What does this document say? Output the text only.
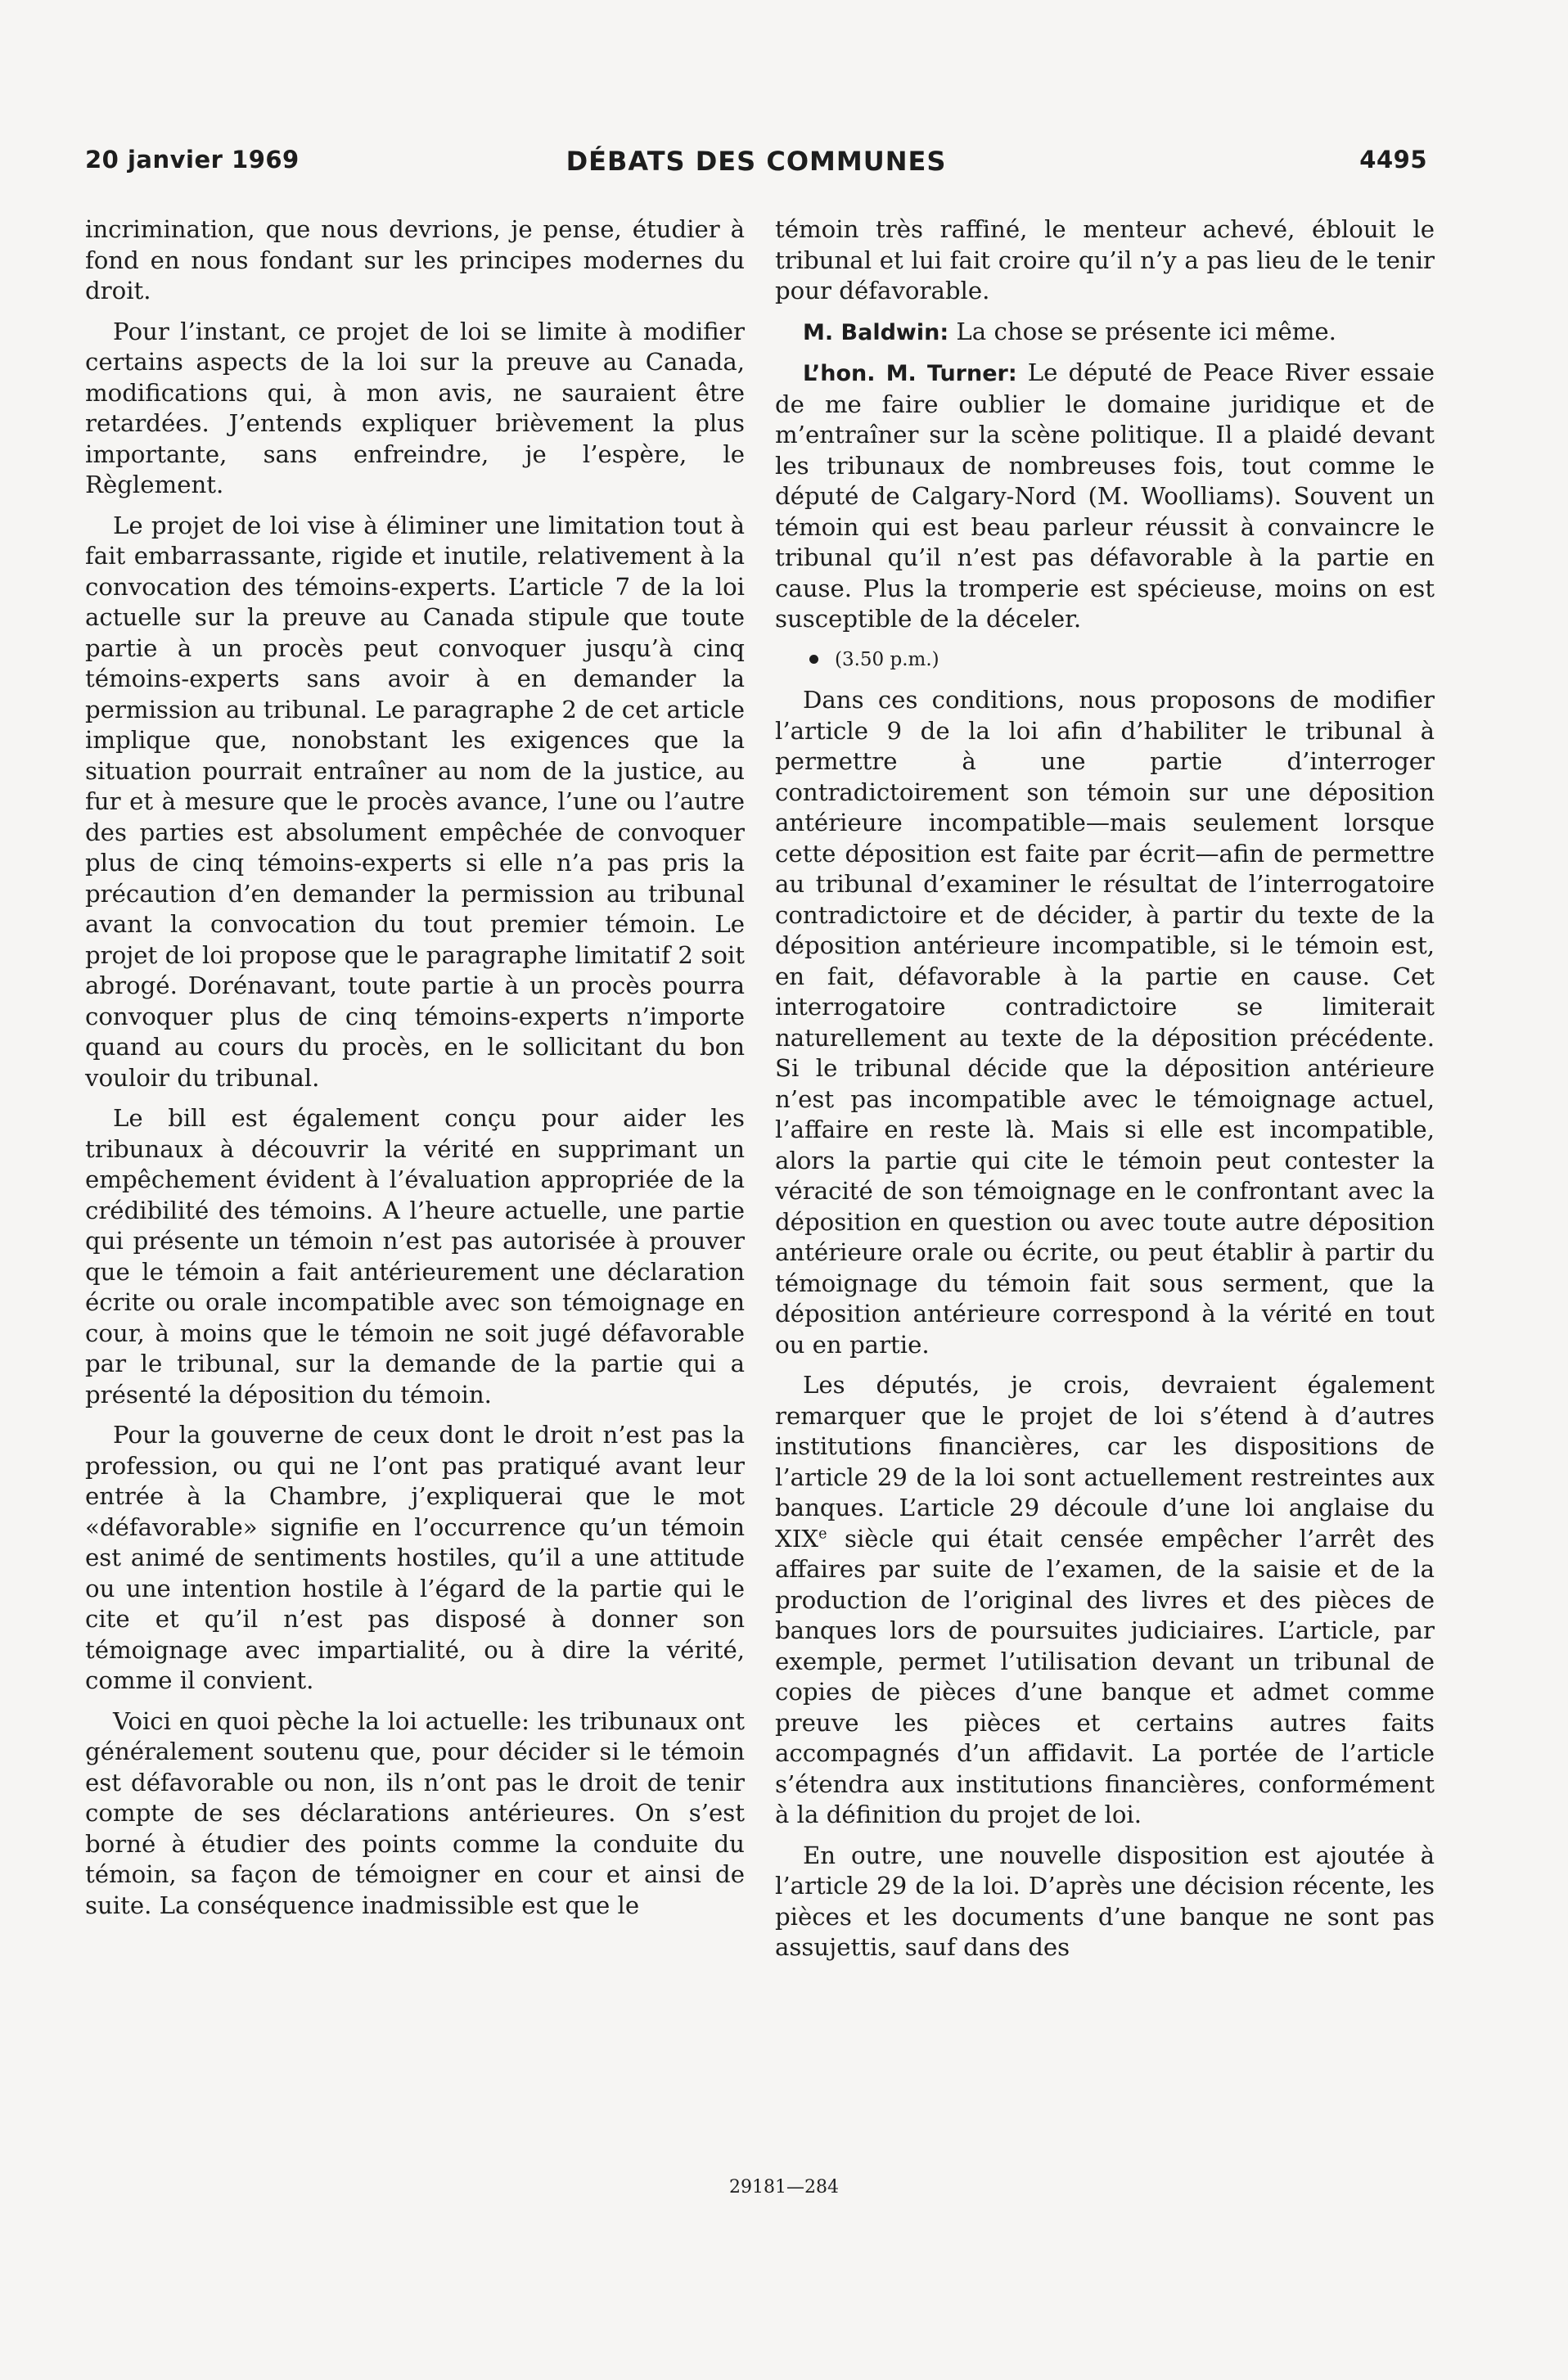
20 janvier 1969	DÉBATS DES COMMUNES	4495

incrimination, que nous devrions, je pense, étudier à fond en nous fondant sur les principes modernes du droit.

Pour l’instant, ce projet de loi se limite à modifier certains aspects de la loi sur la preuve au Canada, modifications qui, à mon avis, ne sauraient être retardées. J’entends expliquer brièvement la plus importante, sans enfreindre, je l’espère, le Règlement.

Le projet de loi vise à éliminer une limitation tout à fait embarrassante, rigide et inutile, relativement à la convocation des témoins-experts. L’article 7 de la loi actuelle sur la preuve au Canada stipule que toute partie à un procès peut convoquer jusqu’à cinq témoins-experts sans avoir à en demander la permission au tribunal. Le paragraphe 2 de cet article implique que, nonobstant les exigences que la situation pourrait entraîner au nom de la justice, au fur et à mesure que le procès avance, l’une ou l’autre des parties est absolument empêchée de convoquer plus de cinq témoins-experts si elle n’a pas pris la précaution d’en demander la permission au tribunal avant la convocation du tout premier témoin. Le projet de loi propose que le paragraphe limitatif 2 soit abrogé. Dorénavant, toute partie à un procès pourra convoquer plus de cinq témoins-experts n’importe quand au cours du procès, en le sollicitant du bon vouloir du tribunal.

Le bill est également conçu pour aider les tribunaux à découvrir la vérité en supprimant un empêchement évident à l’évaluation appropriée de la crédibilité des témoins. A l’heure actuelle, une partie qui présente un témoin n’est pas autorisée à prouver que le témoin a fait antérieurement une déclaration écrite ou orale incompatible avec son témoignage en cour, à moins que le témoin ne soit jugé défavorable par le tribunal, sur la demande de la partie qui a présenté la déposition du témoin.

Pour la gouverne de ceux dont le droit n’est pas la profession, ou qui ne l’ont pas pratiqué avant leur entrée à la Chambre, j’expliquerai que le mot «défavorable» signifie en l’occurrence qu’un témoin est animé de sentiments hostiles, qu’il a une attitude ou une intention hostile à l’égard de la partie qui le cite et qu’il n’est pas disposé à donner son témoignage avec impartialité, ou à dire la vérité, comme il convient.

Voici en quoi pèche la loi actuelle: les tribunaux ont généralement soutenu que, pour décider si le témoin est défavorable ou non, ils n’ont pas le droit de tenir compte de ses déclarations antérieures. On s’est borné à étudier des points comme la conduite du témoin, sa façon de témoigner en cour et ainsi de suite. La conséquence inadmissible est que le

témoin très raffiné, le menteur achevé, éblouit le tribunal et lui fait croire qu’il n’y a pas lieu de le tenir pour défavorable.

M. Baldwin: La chose se présente ici même.

L’hon. M. Turner: Le député de Peace River essaie de me faire oublier le domaine juridique et de m’entraîner sur la scène politique. Il a plaidé devant les tribunaux de nombreuses fois, tout comme le député de Calgary-Nord (M. Woolliams). Souvent un témoin qui est beau parleur réussit à convaincre le tribunal qu’il n’est pas défavorable à la partie en cause. Plus la tromperie est spécieuse, moins on est susceptible de la déceler.

(3.50 p.m.)

Dans ces conditions, nous proposons de modifier l’article 9 de la loi afin d’habiliter le tribunal à permettre à une partie d’interroger contradictoirement son témoin sur une déposition antérieure incompatible—mais seulement lorsque cette déposition est faite par écrit—afin de permettre au tribunal d’examiner le résultat de l’interrogatoire contradictoire et de décider, à partir du texte de la déposition antérieure incompatible, si le témoin est, en fait, défavorable à la partie en cause. Cet interrogatoire contradictoire se limiterait naturellement au texte de la déposition précédente. Si le tribunal décide que la déposition antérieure n’est pas incompatible avec le témoignage actuel, l’affaire en reste là. Mais si elle est incompatible, alors la partie qui cite le témoin peut contester la véracité de son témoignage en le confrontant avec la déposition en question ou avec toute autre déposition antérieure orale ou écrite, ou peut établir à partir du témoignage du témoin fait sous serment, que la déposition antérieure correspond à la vérité en tout ou en partie.

Les députés, je crois, devraient également remarquer que le projet de loi s’étend à d’autres institutions financières, car les dispositions de l’article 29 de la loi sont actuellement restreintes aux banques. L’article 29 découle d’une loi anglaise du XIXe siècle qui était censée empêcher l’arrêt des affaires par suite de l’examen, de la saisie et de la production de l’original des livres et des pièces de banques lors de poursuites judiciaires. L’article, par exemple, permet l’utilisation devant un tribunal de copies de pièces d’une banque et admet comme preuve les pièces et certains autres faits accompagnés d’un affidavit. La portée de l’article s’étendra aux institutions financières, conformément à la définition du projet de loi.

En outre, une nouvelle disposition est ajoutée à l’article 29 de la loi. D’après une décision récente, les pièces et les documents d’une banque ne sont pas assujettis, sauf dans des

29181—284
